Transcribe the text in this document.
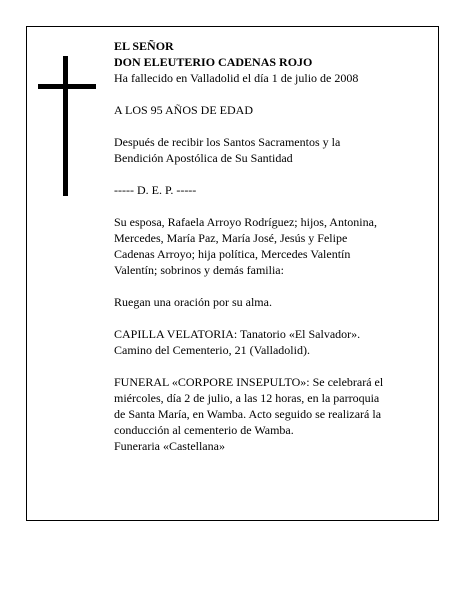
EL SEÑOR
DON ELEUTERIO CADENAS ROJO
Ha fallecido en Valladolid el día 1 de julio de 2008
A LOS 95 AÑOS DE EDAD
Después de recibir los Santos Sacramentos y la
Bendición Apostólica de Su Santidad
----- D. E. P. -----
Su esposa, Rafaela Arroyo Rodríguez; hijos, Antonina,
Mercedes, María Paz, María José, Jesús y Felipe
Cadenas Arroyo; hija política, Mercedes Valentín
Valentín; sobrinos y demás familia:
Ruegan una oración por su alma.
CAPILLA VELATORIA: Tanatorio «El Salvador».
Camino del Cementerio, 21 (Valladolid).
FUNERAL «CORPORE INSEPULTO»: Se celebrará el
miércoles, día 2 de julio, a las 12 horas, en la parroquia
de Santa María, en Wamba. Acto seguido se realizará la
conducción al cementerio de Wamba.
Funeraria «Castellana»
